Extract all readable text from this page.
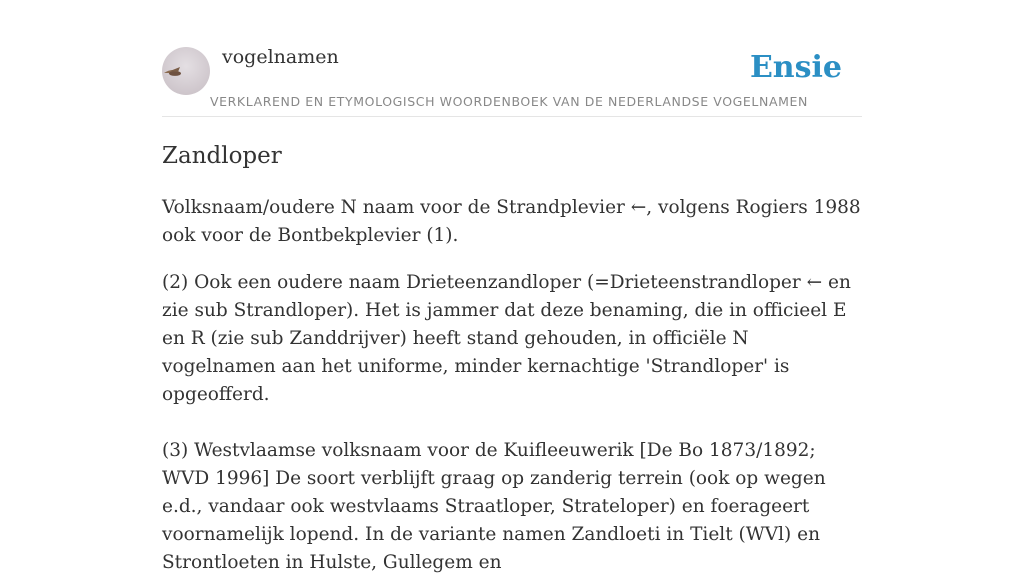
vogelnamen
VERKLAREND EN ETYMOLOGISCH WOORDENBOEK VAN DE NEDERLANDSE VOGELNAMEN
Ensie
Zandloper

Volksnaam/oudere N naam voor de Strandplevier ←, volgens Rogiers 1988 ook voor de Bontbekplevier (1).

(2) Ook een oudere naam Drieteenzandloper (=Drieteenstrandloper ← en zie sub Strandloper). Het is jammer dat deze benaming, die in officieel E en R (zie sub Zanddrijver) heeft stand gehouden, in officiële N vogelnamen aan het uniforme, minder kernachtige 'Strandloper' is opgeofferd.

(3) Westvlaamse volksnaam voor de Kuifleeuwerik [De Bo 1873/1892; WVD 1996] De soort verblijft graag op zanderig terrein (ook op wegen e.d., vandaar ook westvlaams Straatloper, Strateloper) en foerageert voornamelijk lopend. In de variante namen Zandloeti in Tielt (WVl) en Strontloeten in Hulste, Gullegem en
